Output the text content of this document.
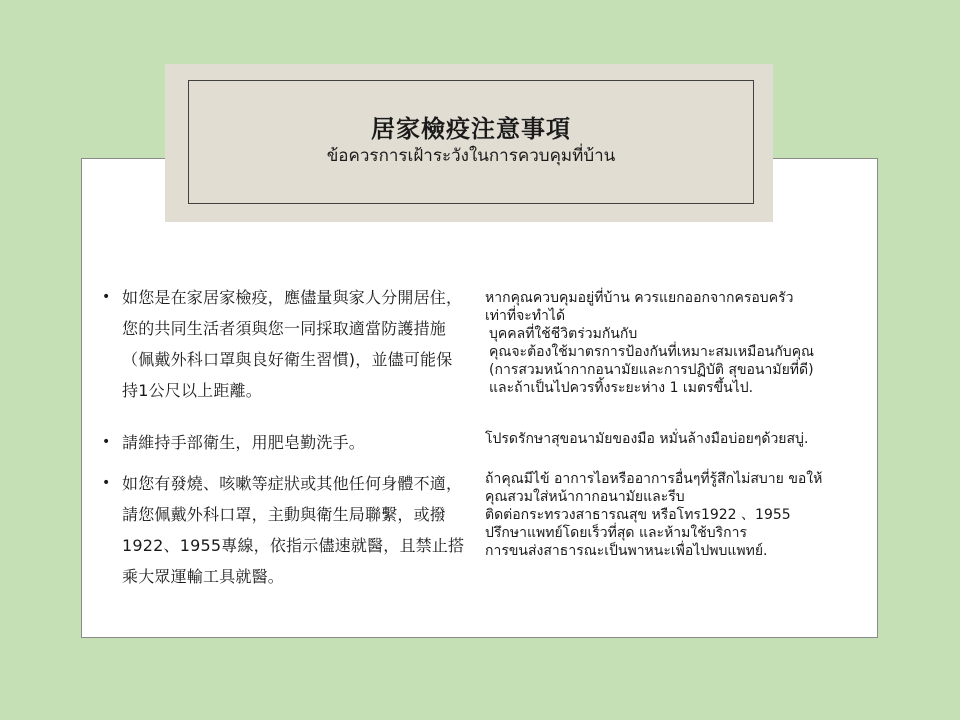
居家檢疫注意事項
ข้อควรการเฝ้าระวังในการควบคุมที่บ้าน
• 如您是在家居家檢疫，應儘量與家人分開居住，您的共同生活者須與您一同採取適當防護措施（佩戴外科口罩與良好衛生習慣)，並儘可能保持1公尺以上距離。
• 請維持手部衛生，用肥皂勤洗手。
• 如您有發燒、咳嗽等症狀或其他任何身體不適，請您佩戴外科口罩，主動與衛生局聯繫，或撥1922、1955專線，依指示儘速就醫，且禁止搭乘大眾運輸工具就醫。
หากคุณควบคุมอยู่ที่บ้าน ควรแยกออกจากครอบครัว
เท่าที่จะทำได้
บุคคลที่ใช้ชีวิตร่วมกันกับ
คุณจะต้องใช้มาตรการป้องกันที่เหมาะสมเหมือนกับคุณ
(การสวมหน้ากากอนามัยและการปฏิบัติ สุขอนามัยที่ดี)
และถ้าเป็นไปควรทิ้งระยะห่าง 1 เมตรขึ้นไป.
โปรดรักษาสุขอนามัยของมือ หมั่นล้างมือบ่อยๆด้วยสบู่.
ถ้าคุณมีไข้ อาการไอหรืออาการอื่นๆที่รู้สึกไม่สบาย ขอให้
คุณสวมใส่หน้ากากอนามัยและรีบ
ติดต่อกระทรวงสาธารณสุข หรือโทร1922 、1955
ปรึกษาแพทย์โดยเร็วที่สุด และห้ามใช้บริการ
การขนส่งสาธารณะเป็นพาหนะเพื่อไปพบแพทย์.
